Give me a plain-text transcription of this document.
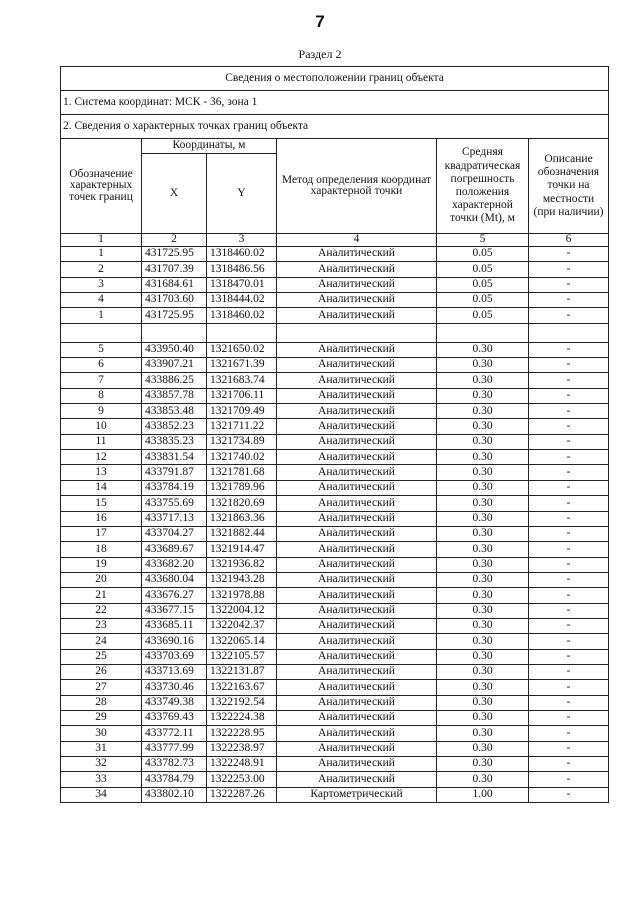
7
Раздел 2
Сведения о местоположении границ объекта					
1. Система координат: МСК - 36, зона 1					
2. Сведения о характерных точках границ объекта					
Обозначение характерных точек границ	Координаты, м		Метод определения координат характерной точки	Средняя квадратическая погрешность положения характерной точки (Mt), м	Описание обозначения точки на местности (при наличии)
	X	Y			
1	2	3	4	5	6
1	431725.95	1318460.02	Аналитический	0.05	-
2	431707.39	1318486.56	Аналитический	0.05	-
3	431684.61	1318470.01	Аналитический	0.05	-
4	431703.60	1318444.02	Аналитический	0.05	-
1	431725.95	1318460.02	Аналитический	0.05	-

5	433950.40	1321650.02	Аналитический	0.30	-
6	433907.21	1321671.39	Аналитический	0.30	-
7	433886.25	1321683.74	Аналитический	0.30	-
8	433857.78	1321706.11	Аналитический	0.30	-
9	433853.48	1321709.49	Аналитический	0.30	-
10	433852.23	1321711.22	Аналитический	0.30	-
11	433835.23	1321734.89	Аналитический	0.30	-
12	433831.54	1321740.02	Аналитический	0.30	-
13	433791.87	1321781.68	Аналитический	0.30	-
14	433784.19	1321789.96	Аналитический	0.30	-
15	433755.69	1321820.69	Аналитический	0.30	-
16	433717.13	1321863.36	Аналитический	0.30	-
17	433704.27	1321882.44	Аналитический	0.30	-
18	433689.67	1321914.47	Аналитический	0.30	-
19	433682.20	1321936.82	Аналитический	0.30	-
20	433680.04	1321943.28	Аналитический	0.30	-
21	433676.27	1321978.88	Аналитический	0.30	-
22	433677.15	1322004.12	Аналитический	0.30	-
23	433685.11	1322042.37	Аналитический	0.30	-
24	433690.16	1322065.14	Аналитический	0.30	-
25	433703.69	1322105.57	Аналитический	0.30	-
26	433713.69	1322131.87	Аналитический	0.30	-
27	433730.46	1322163.67	Аналитический	0.30	-
28	433749.38	1322192.54	Аналитический	0.30	-
29	433769.43	1322224.38	Аналитический	0.30	-
30	433772.11	1322228.95	Аналитический	0.30	-
31	433777.99	1322238.97	Аналитический	0.30	-
32	433782.73	1322248.91	Аналитический	0.30	-
33	433784.79	1322253.00	Аналитический	0.30	-
34	433802.10	1322287.26	Картометрический	1.00	-
